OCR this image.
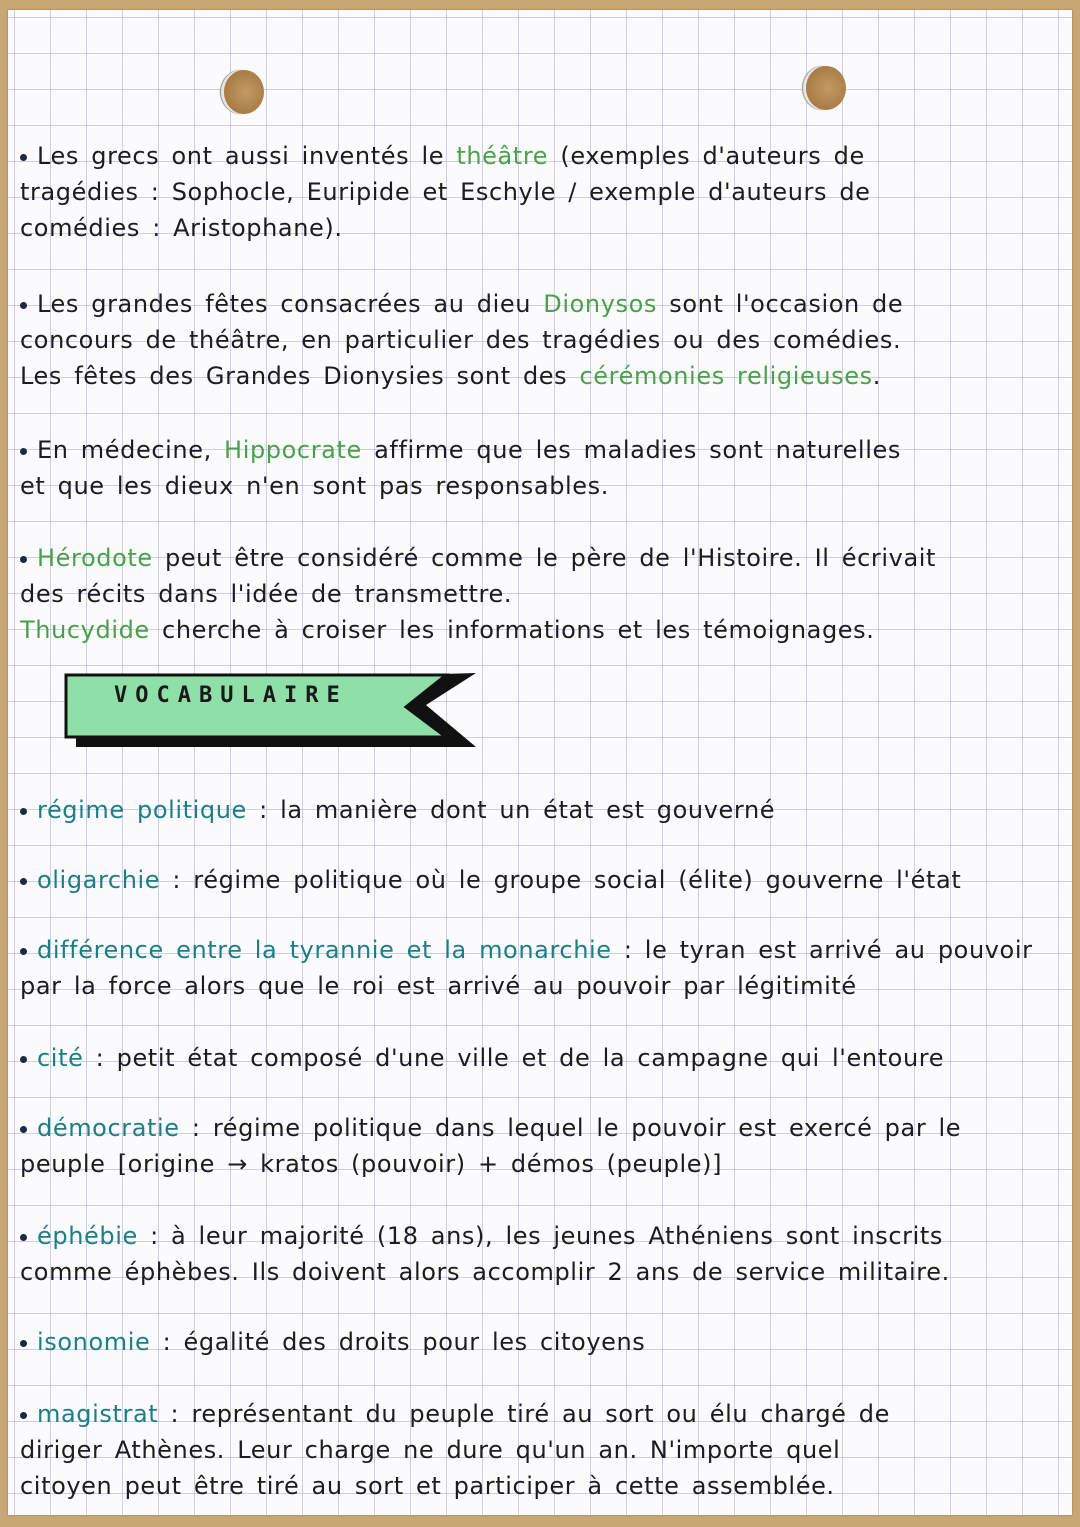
Les grecs ont aussi inventés le théâtre (exemples d'auteurs de
tragédies : Sophocle, Euripide et Eschyle / exemple d'auteurs de
comédies : Aristophane).
Les grandes fêtes consacrées au dieu Dionysos sont l'occasion de
concours de théâtre, en particulier des tragédies ou des comédies.
Les fêtes des Grandes Dionysies sont des cérémonies religieuses.
En médecine, Hippocrate affirme que les maladies sont naturelles
et que les dieux n'en sont pas responsables.
Hérodote peut être considéré comme le père de l'Histoire. Il écrivait
des récits dans l'idée de transmettre.
Thucydide cherche à croiser les informations et les témoignages.
VOCABULAIRE
régime politique : la manière dont un état est gouverné
oligarchie : régime politique où le groupe social (élite) gouverne l'état
différence entre la tyrannie et la monarchie : le tyran est arrivé au pouvoir
par la force alors que le roi est arrivé au pouvoir par légitimité
cité : petit état composé d'une ville et de la campagne qui l'entoure
démocratie : régime politique dans lequel le pouvoir est exercé par le
peuple [origine → kratos (pouvoir) + démos (peuple)]
éphébie : à leur majorité (18 ans), les jeunes Athéniens sont inscrits
comme éphèbes. Ils doivent alors accomplir 2 ans de service militaire.
isonomie : égalité des droits pour les citoyens
magistrat : représentant du peuple tiré au sort ou élu chargé de
diriger Athènes. Leur charge ne dure qu'un an. N'importe quel
citoyen peut être tiré au sort et participer à cette assemblée.
